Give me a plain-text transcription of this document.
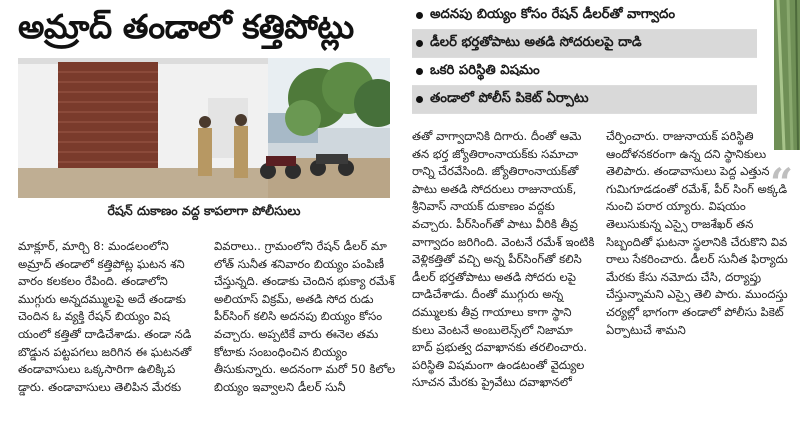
అమ్రాద్ తండాలో కత్తిపోట్లు	అదనపు బియ్యం కోసం రేషన్ డీలర్‌తో వాగ్వాదం
డీలర్ భర్తతోపాటు అతడి సోదరులపై దాడి
ఒకరి పరిస్థితి విషమం
తండాలో పోలీస్ పికెట్ ఏర్పాటు
రేషన్ దుకాణం వద్ద కాపలాగా పోలీసులు

మాక్లూర్, మార్చి 8: మండలంలోని అమ్రాద్ తండాలో కత్తిపోట్ల ఘటన శని వారం కలకలం రేపింది. తండాలోని ముగ్గురు అన్నదమ్ములపై అదే తండాకు చెందిన ఓ వ్యక్తి రేషన్ బియ్యం విష యంలో కత్తితో దాడిచేశాడు. తండా నడి బొడ్డున పట్టపగలు జరిగిన ఈ ఘటనతో తండావాసులు ఒక్కసారిగా ఉలిక్కిప డ్డారు. తండావాసులు తెలిపిన మేరకు

వివరాలు.. గ్రామంలోని రేషన్ డీలర్ మా లోత్ సునీత శనివారం బియ్యం పంపిణీ చేస్తున్నది. తండాకు చెందిన భుక్యా రమేశ్ అలియాస్ విక్రమ్, అతడి సోద రుడు పీర్‌సింగ్ కలిసి అదనపు బియ్యం కోసం వచ్చారు. అప్పటికే వారు ఈనెల తమ కోటాకు సంబంధించిన బియ్యం తీసుకున్నారు. అదనంగా మరో 50 కిలోల బియ్యం ఇవ్వాలని డీలర్ సునీ

తతో వాగ్వాదానికి దిగారు. దీంతో ఆమె తన భర్త జ్యోతిరాంనాయక్‌కు సమాచా రాన్ని చేరవేసింది. జ్యోతిరాంనాయక్‌తో పాటు అతడి సోదరులు రాజునాయక్, శ్రీనివాస్ నాయక్ దుకాణం వద్దకు వచ్చారు. పీర్‌సింగ్‌తో పాటు వీరికి తీవ్ర వాగ్వాదం జరిగింది. వెంటనే రమేశ్ ఇంటికి వెళ్లికత్తితో వచ్చి అన్న పీర్‌సింగ్‌తో కలిసి డీలర్ భర్తతోపాటు అతడి సోదరు లపై దాడిచేశాడు. దీంతో ముగ్గురు అన్న దమ్ములకు తీవ్ర గాయాలు కాగా స్థాని కులు వెంటనే అంబులెన్స్‌లో నిజామా బాద్ ప్రభుత్వ దవాఖానకు తరలించారు. పరిస్థితి విషమంగా ఉండటంతో వైద్యుల సూచన మేరకు ప్రైవేటు దవాఖానలో

చేర్పించారు. రాజునాయక్ పరిస్థితి ఆందోళనకరంగా ఉన్న దని స్థానికులు తెలిపారు. తండావాసులు పెద్ద ఎత్తున గుమిగూడడంతో రమేశ్, పీర్ సింగ్ అక్కడి నుంచి పరార య్యారు. విషయం తెలుసుకున్న ఎస్సై రాజశేఖర్ తన సిబ్బందితో ఘటనా స్థలానికి చేరుకొని వివ రాలు సేకరించారు. డీలర్ సునీత ఫిర్యాదు మేరకు కేసు నమోదు చేసి, దర్యాప్తు చేస్తున్నామని ఎస్సై తెలి పారు. ముందస్తు చర్యల్లో భాగంగా తండాలో పోలీసు పికెట్ ఏర్పాటుచే శామని

“
